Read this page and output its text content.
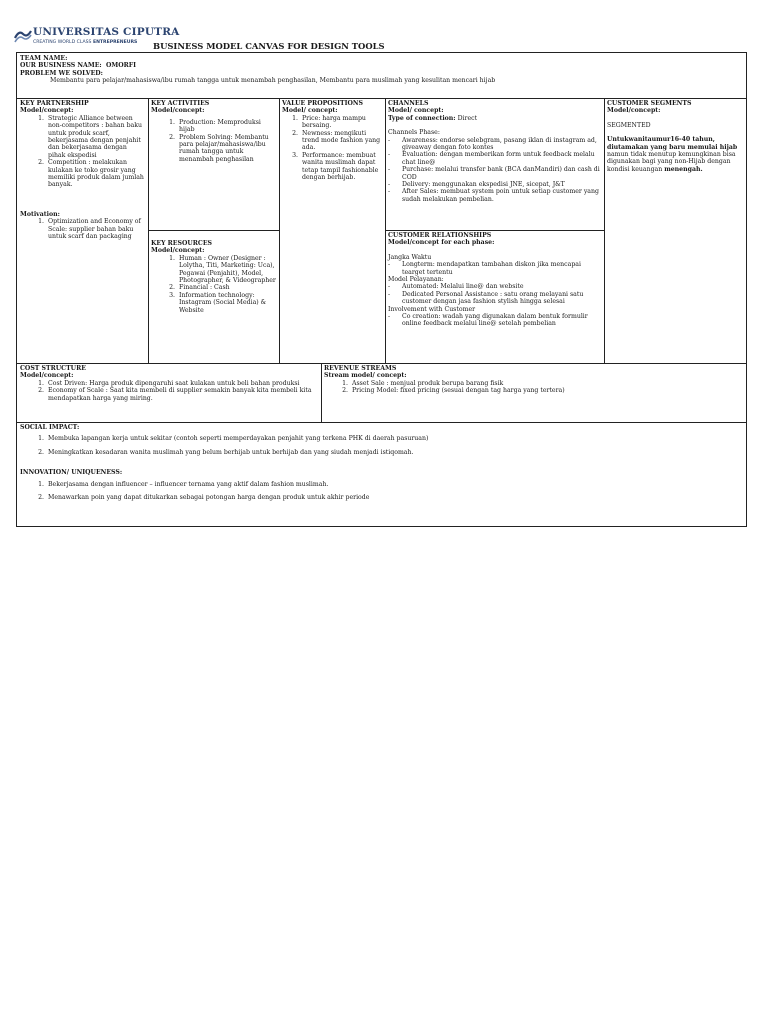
UNIVERSITAS CIPUTRA
CREATING WORLD CLASS ENTREPRENEURS BUSINESS MODEL CANVAS FOR DESIGN TOOLS
TEAM NAME:
OUR BUSINESS NAME: OMORFI
PROBLEM WE SOLVED:
Membantu para pelajar/mahasiswa/ibu rumah tangga untuk menambah penghasilan, Membantu para muslimah yang kesulitan mencari hijab
KEY PARTNERSHIP
Model/concept:
1. Strategic Alliance between non-competitors : bahan baku untuk produk scarf, bekerjasama dengan penjahit dan bekerjasama dengan pihak ekspedisi
2. Competition : melakukan kulakan ke toko grosir yang memiliki produk dalam jumlah banyak.
Motivation:
1. Optimization and Economy of Scale: supplier bahan baku untuk scarf dan packaging
KEY ACTIVITIES
Model/concept:
1. Production: Memproduksi hijab
2. Problem Solving: Membantu para pelajar/mahasiswa/ibu rumah tangga untuk menambah penghasilan
KEY RESOURCES
Model/concept:
1. Human : Owner (Designer : Lolytha, Titi, Marketing: Uca), Pegawai (Penjahit), Model, Photographer, & Videographer
2. Financial : Cash
3. Information technology: Instagram (Social Media) & Website
VALUE PROPOSITIONS
Model/ concept:
1. Price: harga mampu bersaing.
2. Newness: mengikuti trend mode fashion yang ada.
3. Performance: membuat wanita muslimah dapat tetap tampil fashionable dengan berhijab.
CHANNELS
Model/ concept:
Type of connection: Direct
Channels Phase:
- Awareness: endorse selebgram, pasang iklan di instagram ad, giveaway dengan foto kontes
- Evaluation: dengan memberikan form untuk feedback melalu chat line@
- Purchase: melalui transfer bank (BCA danMandiri) dan cash di COD
- Delivery: menggunakan ekspedisi JNE, sicepat, J&T
- After Sales: membuat system poin untuk setiap customer yang sudah melakukan pembelian.
CUSTOMER RELATIONSHIPS
Model/concept for each phase:
Jangka Waktu
- Longterm: mendapatkan tambahan diskon jika mencapai tearget tertentu
Model Pelayanan:
- Automated: Melalui line@ dan website
- Dedicated Personal Assistance : satu orang melayani satu customer dengan jasa fashion stylish hingga selesai
Involvement with Customer
- Co creation: wadah yang digunakan dalam bentuk formulir online feedback melalui line@ setelah pembelian
CUSTOMER SEGMENTS
Model/concept:
SEGMENTED
Untukwanitaumur16-40 tahun, diutamakan yang baru memulai hijab namun tidak menutup kemungkinan bisa digunakan bagi yang non-Hijab dengan kondisi keuangan menengah.
COST STRUCTURE
Model/concept:
1. Cost Driven: Harga produk dipengaruhi saat kulakan untuk beli bahan produksi
2. Economy of Scale : Saat kita membeli di supplier semakin banyak kita membeli kita mendapatkan harga yang miring.
REVENUE STREAMS
Stream model/ concept:
1. Asset Sale : menjual produk berupa barang fisik
2. Pricing Model: fixed pricing (sesuai dengan tag harga yang tertera)
SOCIAL IMPACT:
1. Membuka lapangan kerja untuk sekitar (contoh seperti memperdayakan penjahit yang terkena PHK di daerah pasuruan)
2. Meningkatkan kesadaran wanita muslimah yang belum berhijab untuk berhijab dan yang siudah menjadi istiqomah.
INNOVATION/ UNIQUENESS:
1. Bekerjasama dengan influencer – influencer ternama yang aktif dalam fashion muslimah.
2. Menawarkan poin yang dapat ditukarkan sebagai potongan harga dengan produk untuk akhir periode
